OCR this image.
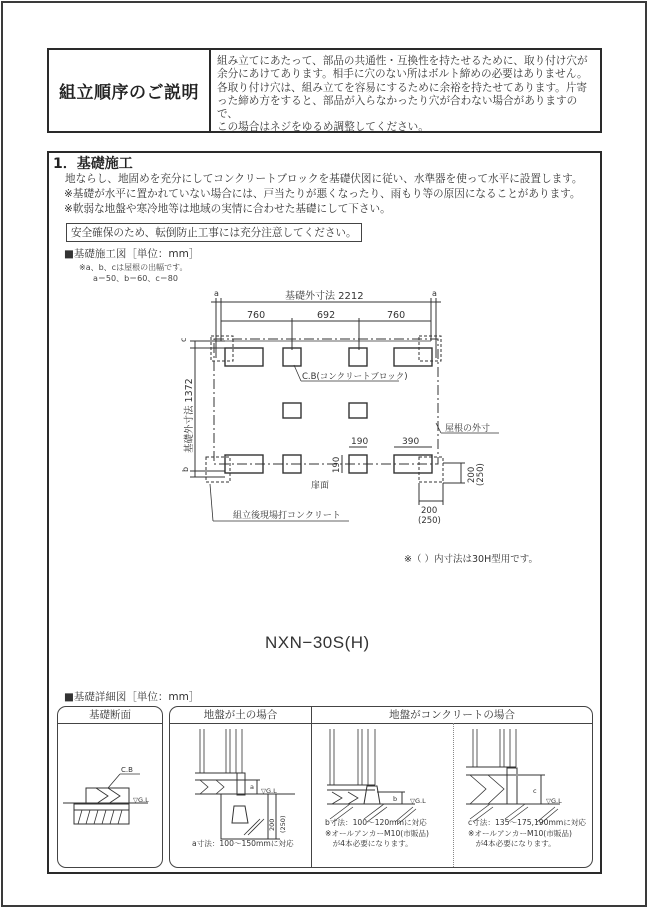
組立順序のご説明
組み立てにあたって、部品の共通性・互換性を持たせるために、取り付け穴が
余分にあけてあります。相手に穴のない所はボルト締めの必要はありません。
各取り付け穴は、組み立てを容易にするために余裕を持たせてあります。片寄
った締め方をすると、部品が入らなかったり穴が合わない場合がありますので、
この場合はネジをゆるめ調整してください。
1．基礎施工
地ならし、地固めを充分にしてコンクリートブロックを基礎伏図に従い、水準器を使って水平に設置します。
※基礎が水平に置かれていない場合には、戸当たりが悪くなったり、雨もり等の原因になることがあります。
※軟弱な地盤や寒冷地等は地域の実情に合わせた基礎にして下さい。
安全確保のため、転倒防止工事には充分注意してください。
■基礎施工図［単位：mm］
※a、b、cは屋根の出幅です。
a＝50、b＝60、c＝80
a	a
基礎外寸法 2212
760	692	760
C.B(コンクリートブロック)
屋根の外寸
c
b
基礎外寸法 1372	190	390
190
200 (250)
200
(250)
扉面
組立後現場打コンクリート
※（ ）内寸法は30H型用です。
NXN−30S(H)
■基礎詳細図［単位：mm］
基礎断面
C.B
▽G.L
地盤が土の場合	地盤がコンクリートの場合
a ▽G.L
200 (250)
b ▽G.L
c
▽G.L
a寸法：100〜150mmに対応
b寸法：100〜120mmに対応
※オールアンカーM10(市販品)
　が4本必要になります。
c寸法：135〜175,190mmに対応
※オールアンカーM10(市販品)
　が4本必要になります。
